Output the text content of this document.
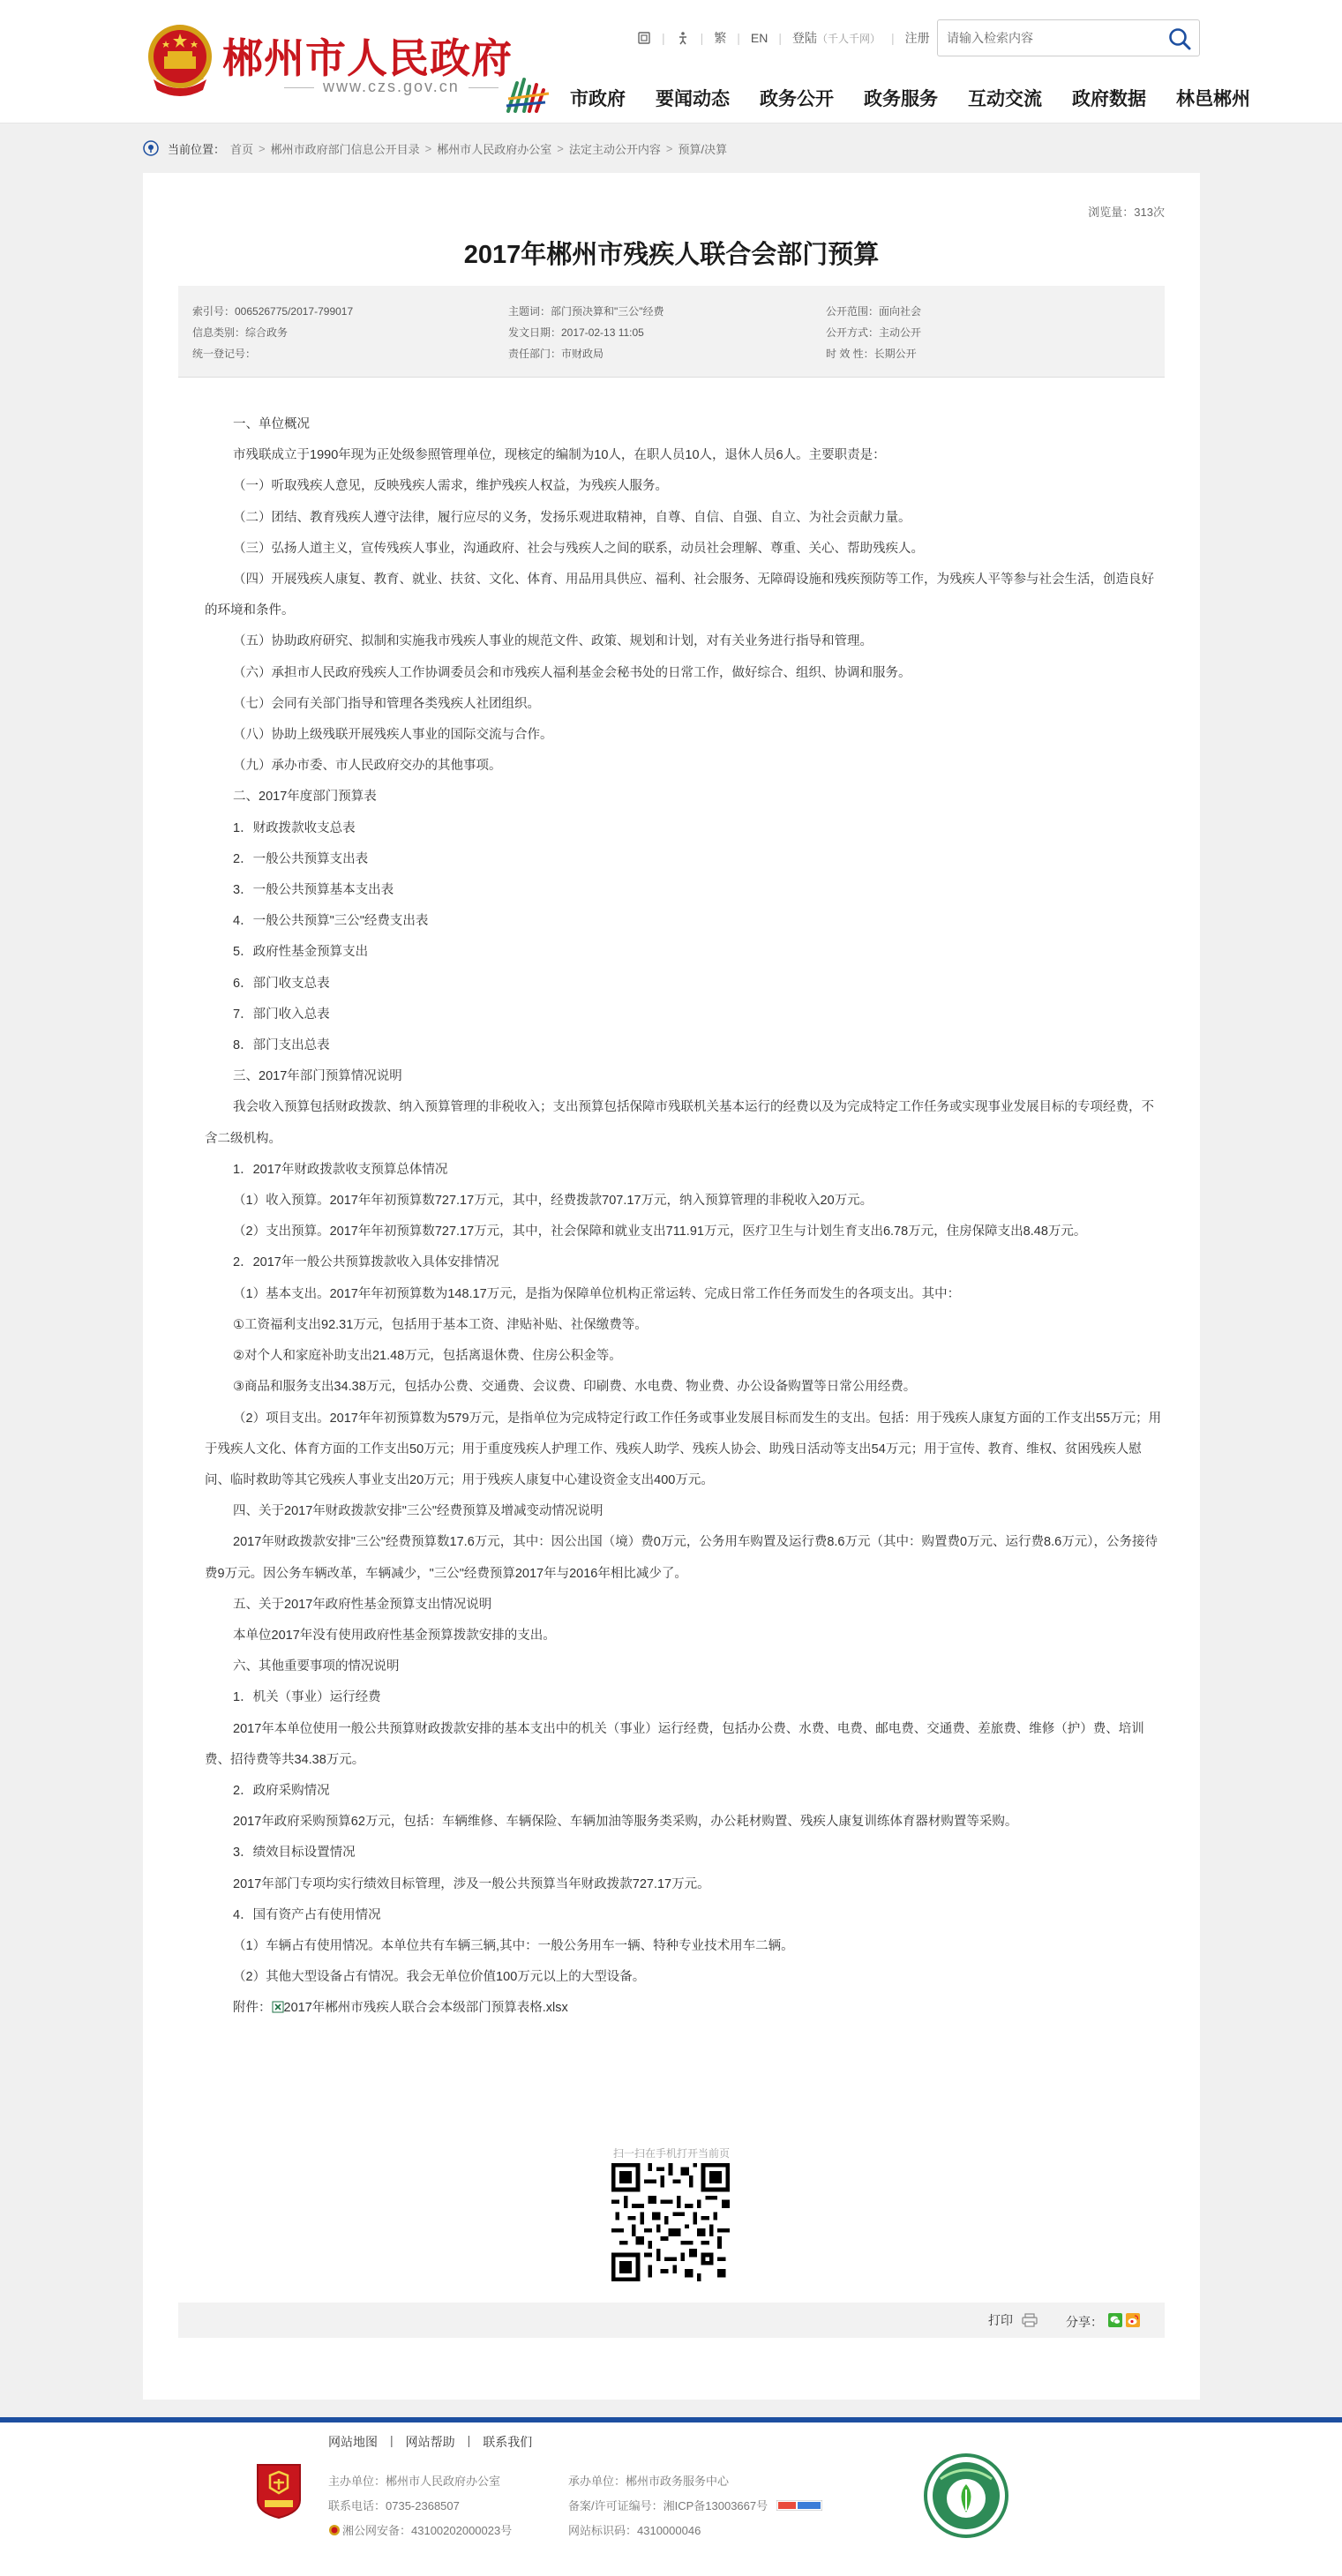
郴州市人民政府
www.czs.gov.cn
|	| 繁 | EN | 登陆 （千人千网） | 注册
请输入检索内容
市政府 要闻动态 政务公开 政务服务 互动交流 政府数据 林邑郴州
当前位置： 首页 > 郴州市政府部门信息公开目录 > 郴州市人民政府办公室 > 法定主动公开内容 > 预算/决算
浏览量：313次
2017年郴州市残疾人联合会部门预算
索引号：006526775/2017-799017	主题词：部门预决算和"三公"经费	公开范围：面向社会
信息类别：综合政务	发文日期：2017-02-13 11:05	公开方式：主动公开
统一登记号：	责任部门：市财政局	时 效 性：长期公开

一、单位概况

市残联成立于1990年现为正处级参照管理单位，现核定的编制为10人，在职人员10人，退休人员6人。主要职责是：

（一）听取残疾人意见，反映残疾人需求，维护残疾人权益，为残疾人服务。

（二）团结、教育残疾人遵守法律，履行应尽的义务，发扬乐观进取精神，自尊、自信、自强、自立、为社会贡献力量。

（三）弘扬人道主义，宣传残疾人事业，沟通政府、社会与残疾人之间的联系，动员社会理解、尊重、关心、帮助残疾人。

（四）开展残疾人康复、教育、就业、扶贫、文化、体育、用品用具供应、福利、社会服务、无障碍设施和残疾预防等工作，为残疾人平等参与社会生活，创造良好的环境和条件。

（五）协助政府研究、拟制和实施我市残疾人事业的规范文件、政策、规划和计划，对有关业务进行指导和管理。

（六）承担市人民政府残疾人工作协调委员会和市残疾人福利基金会秘书处的日常工作，做好综合、组织、协调和服务。

（七）会同有关部门指导和管理各类残疾人社团组织。

（八）协助上级残联开展残疾人事业的国际交流与合作。

（九）承办市委、市人民政府交办的其他事项。

二、2017年度部门预算表

1．财政拨款收支总表

2．一般公共预算支出表

3．一般公共预算基本支出表

4．一般公共预算"三公"经费支出表

5．政府性基金预算支出

6．部门收支总表

7．部门收入总表

8．部门支出总表

三、2017年部门预算情况说明

我会收入预算包括财政拨款、纳入预算管理的非税收入；支出预算包括保障市残联机关基本运行的经费以及为完成特定工作任务或实现事业发展目标的专项经费，不含二级机构。

1．2017年财政拨款收支预算总体情况

（1）收入预算。2017年年初预算数727.17万元，其中，经费拨款707.17万元，纳入预算管理的非税收入20万元。

（2）支出预算。2017年年初预算数727.17万元，其中，社会保障和就业支出711.91万元，医疗卫生与计划生育支出6.78万元，住房保障支出8.48万元。

2．2017年一般公共预算拨款收入具体安排情况

（1）基本支出。2017年年初预算数为148.17万元，是指为保障单位机构正常运转、完成日常工作任务而发生的各项支出。其中：

①工资福利支出92.31万元，包括用于基本工资、津贴补贴、社保缴费等。

②对个人和家庭补助支出21.48万元，包括离退休费、住房公积金等。

③商品和服务支出34.38万元，包括办公费、交通费、会议费、印刷费、水电费、物业费、办公设备购置等日常公用经费。

（2）项目支出。2017年年初预算数为579万元，是指单位为完成特定行政工作任务或事业发展目标而发生的支出。包括：用于残疾人康复方面的工作支出55万元；用于残疾人文化、体育方面的工作支出50万元；用于重度残疾人护理工作、残疾人助学、残疾人协会、助残日活动等支出54万元；用于宣传、教育、维权、贫困残疾人慰问、临时救助等其它残疾人事业支出20万元；用于残疾人康复中心建设资金支出400万元。

四、关于2017年财政拨款安排"三公"经费预算及增减变动情况说明

2017年财政拨款安排"三公"经费预算数17.6万元，其中：因公出国（境）费0万元，公务用车购置及运行费8.6万元（其中：购置费0万元、运行费8.6万元），公务接待费9万元。因公务车辆改革，车辆减少，"三公"经费预算2017年与2016年相比减少了。

五、关于2017年政府性基金预算支出情况说明

本单位2017年没有使用政府性基金预算拨款安排的支出。

六、其他重要事项的情况说明

1．机关（事业）运行经费

2017年本单位使用一般公共预算财政拨款安排的基本支出中的机关（事业）运行经费，包括办公费、水费、电费、邮电费、交通费、差旅费、维修（护）费、培训费、招待费等共34.38万元。

2．政府采购情况

2017年政府采购预算62万元，包括：车辆维修、车辆保险、车辆加油等服务类采购，办公耗材购置、残疾人康复训练体育器材购置等采购。

3．绩效目标设置情况

2017年部门专项均实行绩效目标管理，涉及一般公共预算当年财政拨款727.17万元。

4．国有资产占有使用情况

（1）车辆占有使用情况。本单位共有车辆三辆,其中：一般公务用车一辆、特种专业技术用车二辆。

（2）其他大型设备占有情况。我会无单位价值100万元以上的大型设备。

附件： 2017年郴州市残疾人联合会本级部门预算表格.xlsx

扫一扫在手机打开当前页
打印	分享：
网站地图 | 网站帮助 | 联系我们
主办单位：郴州市人民政府办公室	承办单位：郴州市政务服务中心
联系电话：0735-2368507	备案/许可证编号：湘ICP备13003667号
湘公网安备：43100202000023号	网站标识码：4310000046
